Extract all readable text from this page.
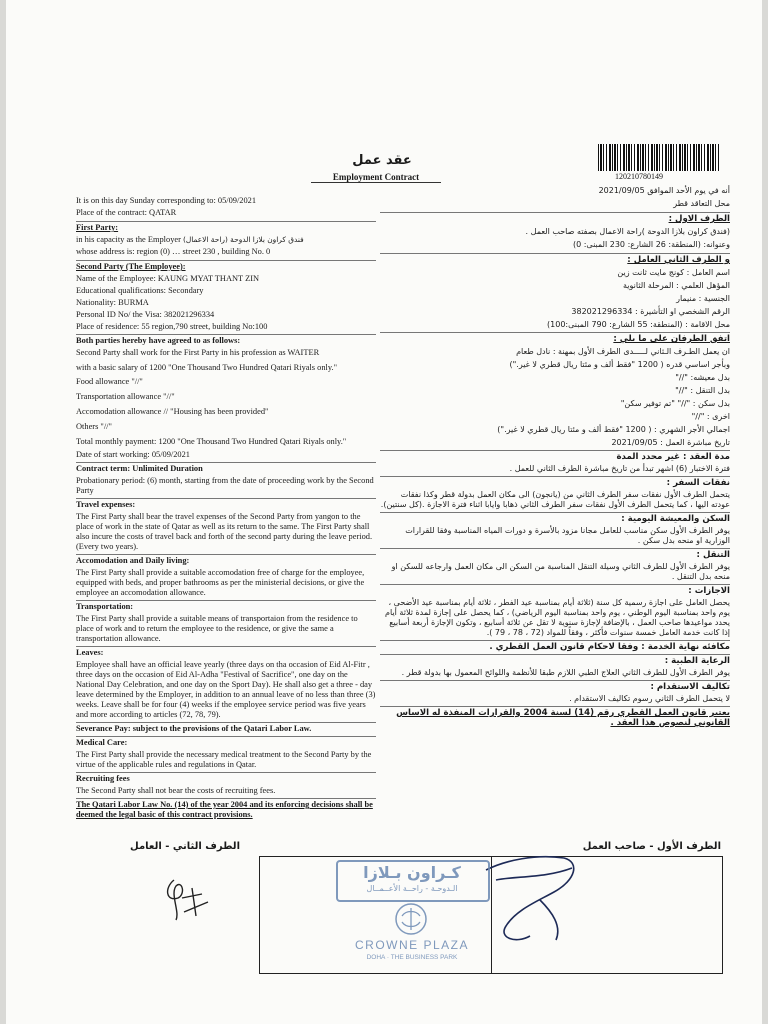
120210780149
عقد عمل
Employment Contract
It is on this day Sunday corresponding to: 05/09/2021
Place of the contract: QATAR
First Party:
in his capacity as the Employer فندق كراون بلازا الدوحة (راحة الاعمال)
whose address is: region (0) … street 230 , building No. 0
Second Party (The Employee):
Name of the Employee: KAUNG MYAT THANT ZIN
Educational qualifications: Secondary
Nationality: BURMA
Personal ID No/ the Visa: 382021296334
Place of residence: 55 region,790 street, building No:100
Both parties hereby have agreed to as follows:
Second Party shall work for the First Party in his profession as WAITER
with a basic salary of 1200 "One Thousand Two Hundred Qatari Riyals only."
Food allowance "//"
Transportation allowance "//"
Accomodation allowance // "Housing has been provided"
Others "//"
Total monthly payment: 1200 "One Thousand Two Hundred Qatari Riyals only."
Date of start working: 05/09/2021
Contract term: Unlimited Duration
Probationary period: (6) month, starting from the date of proceeding work by the Second Party
Travel expenses:
The First Party shall bear the travel expenses of the Second Party from yangon to the place of work in the state of Qatar as well as its return to the same. The First Party shall also incure the costs of travel back and forth of the second party during the leave period.(Every two years).
Accomodation and Daily living:
The First Party shall provide a suitable accomodation free of charge for the employee, equipped with beds, and proper bathrooms as per the ministerial decisions, or give the employee an accomodation allowance.
Transportation:
The First Party shall provide a suitable means of transportaion from the residence to place of work and to return the employee to the residence, or give the same a transportation allowance.
Leaves:
Employee shall have an official leave yearly (three days on tha occasion of Eid Al-Fitr , three days on the occasion of Eid Al-Adha "Festival of Sacrifice", one day on the National Day Celebration, and one day on the Sport Day). He shall also get a three - day leave determined by the Employer, in addition to an annual leave of no less than three (3) weeks. Leave shall be for four (4) weeks if the employee service period was five years and more according to articles (72, 78, 79).
Severance Pay: subject to the provisions of the Qatari Labor Law.
Medical Care:
The First Party shall provide the necessary medical treatment to the Second Party by the virtue of the applicable rules and regulations in Qatar.
Recruiting fees
The Second Party shall not bear the costs of recruiting fees.
The Qatari Labor Law No. (14) of the year 2004 and its enforcing decisions shall be deemed the legal basic of this contract provisions.
أنه في يوم الأحد الموافق 2021/09/05
محل التعاقد قطر
الطرف الاول :
(فندق كراون بلازا الدوحة )راحة الاعمال بصفته صاحب العمل .
وعنوانه: (المنطقة: 26 الشارع: 230 المبنى: 0)
و الطرف الثاني العامل :
اسم العامل : كونج مايت ثانت زين
المؤهل العلمي : المرحلة الثانوية
الجنسية : منيمار
الرقم الشخصي او التأشيرة : 382021296334
محل الاقامة : (المنطقة: 55 الشارع: 790 المبنى:100)
اتفق الطرفان على ما يلي :
ان يعمل الطـرف الـثاني لـــــدى الطرف الأول بمهنة : نادل طعام
وبأجر اساسي قدره ( 1200 "فقط ألف و مئتا ريال قطري لا غير.")
بدل معيشه: "//"
بدل التنقل : "//"
بدل سكن : "//" "تم توفير سكن"
اخرى : "//"
اجمالي الأجر الشهري : ( 1200 "فقط ألف و مئتا ريال قطري لا غير.")
تاريخ مباشرة العمل : 2021/09/05
مدة العقد : غير محدد المدة
فترة الاختبار (6) اشهر تبدأ من تاريخ مباشرة الطرف الثاني للعمل .
نفقات السفر :
يتحمل الطرف الأول نفقات سفر الطرف الثاني من (يانجون) الى مكان العمل بدولة قطر وكذا نفقات عودته اليها ، كما يتحمل الطرف الأول نفقات سفر الطرف الثاني ذهابا وايابا اثناء فترة الاجازة .(كل سنتين).
السكن والمعيشة اليومية :
يوفر الطرف الأول سكن مناسب للعامل مجانا مزود بالأسرة و دورات المياه المناسبة وفقا للقرارات الوزارية او منحه بدل سكن .
التنقل :
يوفر الطرف الأول للطرف الثاني وسيلة التنقل المناسبة من السكن الى مكان العمل وارجاعه للسكن او منحه بدل التنقل .
الاجازات :
يحصل العامل على اجازة رسمية كل سنة (ثلاثة أيام بمناسبة عيد الفطر ، ثلاثة أيام بمناسبة عيد الأضحى ، يوم واحد بمناسبة اليوم الوطني ، يوم واحد بمناسبة اليوم الرياضي) ، كما يحصل على إجازة لمدة ثلاثة أيام يحدد مواعيدها صاحب العمل ، بالإضافة لإجازة سنوية لا تقل عن ثلاثة أسابيع ، وتكون الإجازة أربعة أسابيع إذا كانت خدمة العامل خمسة سنوات فأكثر ، وفقاً للمواد (72 ، 78 ، 79 ).
مكافئه نهاية الخدمة : وفقا لاحكام قانون العمل القطري .
الرعاية الطبية :
يوفر الطرف الأول للطرف الثاني العلاج الطبي اللازم طبقا للأنظمة واللوائح المعمول بها بدولة قطر .
تكاليف الاستقدام :
لا يتحمل الطرف الثاني رسوم تكاليف الاستقدام .
يعتبر قانون العمل القطري رقم (14) لسنة 2004 والقرارات المنفذة له الاساس القانوني لنصوص هذا العقد .
الطرف الثاني - العامل	الطرف الأول - صاحب العمل
كـراون بـلازا
الـدوحـة - راحــة الأعــمــال
CROWNE PLAZA
DOHA · THE BUSINESS PARK
